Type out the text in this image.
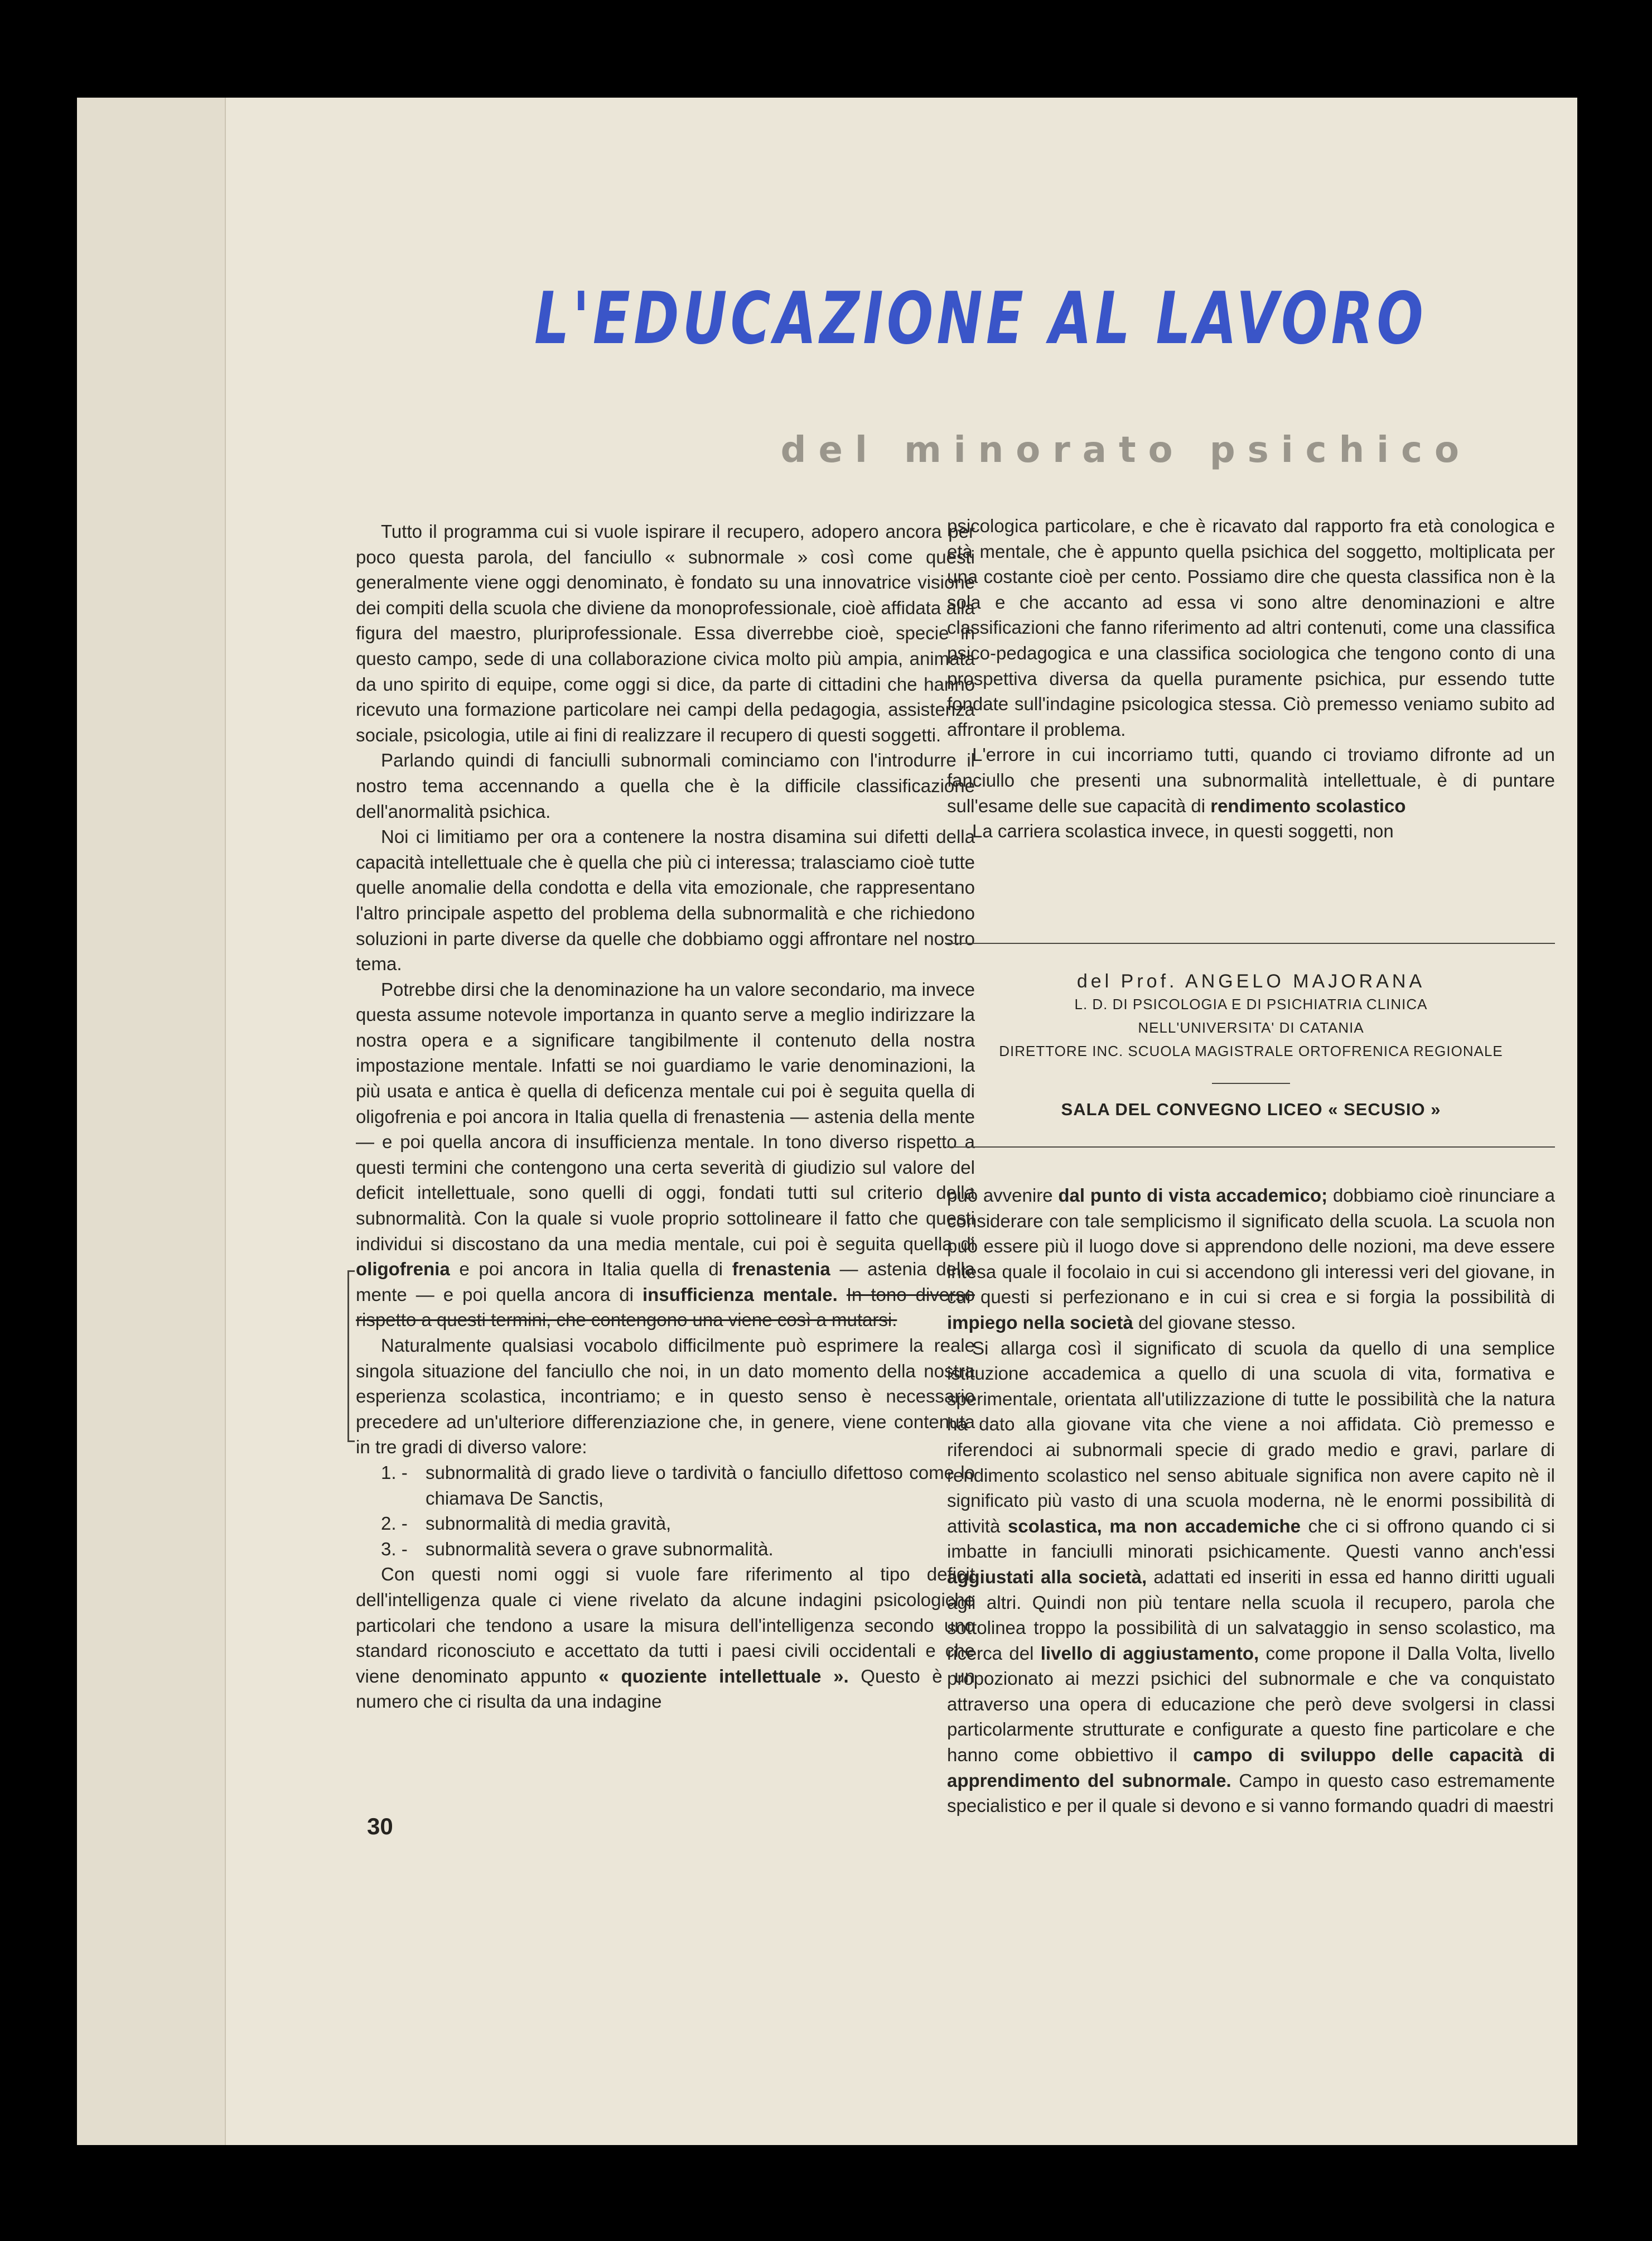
L'EDUCAZIONE AL LAVORO
del minorato psichico

Tutto il programma cui si vuole ispirare il recupero, adopero ancora per poco questa parola, del fanciullo « subnormale » così come questi generalmente viene oggi denominato, è fondato su una innovatrice visione dei compiti della scuola che diviene da monoprofessionale, cioè affidata alla figura del maestro, pluriprofessionale. Essa diverrebbe cioè, specie in questo campo, sede di una collaborazione civica molto più ampia, animata da uno spirito di equipe, come oggi si dice, da parte di cittadini che hanno ricevuto una formazione particolare nei campi della pedagogia, assistenza sociale, psicologia, utile ai fini di realizzare il recupero di questi soggetti.

Parlando quindi di fanciulli subnormali cominciamo con l'introdurre il nostro tema accennando a quella che è la difficile classificazione dell'anormalità psichica.

Noi ci limitiamo per ora a contenere la nostra disamina sui difetti della capacità intellettuale che è quella che più ci interessa; tralasciamo cioè tutte quelle anomalie della condotta e della vita emozionale, che rappresentano l'altro principale aspetto del problema della subnormalità e che richiedono soluzioni in parte diverse da quelle che dobbiamo oggi affrontare nel nostro tema.

Potrebbe dirsi che la denominazione ha un valore secondario, ma invece questa assume notevole importanza in quanto serve a meglio indirizzare la nostra opera e a significare tangibilmente il contenuto della nostra impostazione mentale. Infatti se noi guardiamo le varie denominazioni, la più usata e antica è quella di deficenza mentale cui poi è seguita quella di oligofrenia e poi ancora in Italia quella di frenastenia — astenia della mente — e poi quella ancora di insufficienza mentale. In tono diverso rispetto a questi termini che contengono una certa severità di giudizio sul valore del deficit intellettuale, sono quelli di oggi, fondati tutti sul criterio della subnormalità. Con la quale si vuole proprio sottolineare il fatto che questi individui si discostano da una media mentale, cui poi è seguita quella di oligofrenia e poi ancora in Italia quella di frenastenia — astenia della mente — e poi quella ancora di insufficienza mentale. In tono diverso rispetto a questi termini, che contengono una viene così a mutarsi.

Naturalmente qualsiasi vocabolo difficilmente può esprimere la reale singola situazione del fanciullo che noi, in un dato momento della nostra esperienza scolastica, incontriamo; e in questo senso è necessario precedere ad un'ulteriore differenziazione che, in genere, viene contenuta in tre gradi di diverso valore:

1. - subnormalità di grado lieve o tardività o fanciullo difettoso come lo chiamava De Sanctis,
2. - subnormalità di media gravità,
3. - subnormalità severa o grave subnormalità.

Con questi nomi oggi si vuole fare riferimento al tipo deficit dell'intelligenza quale ci viene rivelato da alcune indagini psicologiche particolari che tendono a usare la misura dell'intelligenza secondo uno standard riconosciuto e accettato da tutti i paesi civili occidentali e che viene denominato appunto « quoziente intellettuale ». Questo è un numero che ci risulta da una indagine

psicologica particolare, e che è ricavato dal rapporto fra età conologica e età mentale, che è appunto quella psichica del soggetto, moltiplicata per una costante cioè per cento. Possiamo dire che questa classifica non è la sola e che accanto ad essa vi sono altre denominazioni e altre classificazioni che fanno riferimento ad altri contenuti, come una classifica psico-pedagogica e una classifica sociologica che tengono conto di una prospettiva diversa da quella puramente psichica, pur essendo tutte fondate sull'indagine psicologica stessa. Ciò premesso veniamo subito ad affrontare il problema.

L'errore in cui incorriamo tutti, quando ci troviamo difronte ad un fanciullo che presenti una subnormalità intellettuale, è di puntare sull'esame delle sue capacità di rendimento scolastico

La carriera scolastica invece, in questi soggetti, non

del Prof. ANGELO MAJORANA
L. D. DI PSICOLOGIA E DI PSICHIATRIA CLINICA
NELL'UNIVERSITA' DI CATANIA
DIRETTORE INC. SCUOLA MAGISTRALE ORTOFRENICA REGIONALE
SALA DEL CONVEGNO LICEO « SECUSIO »

può avvenire dal punto di vista accademico; dobbiamo cioè rinunciare a considerare con tale semplicismo il significato della scuola. La scuola non può essere più il luogo dove si apprendono delle nozioni, ma deve essere intesa quale il focolaio in cui si accendono gli interessi veri del giovane, in cui questi si perfezionano e in cui si crea e si forgia la possibilità di impiego nella società del giovane stesso.

Si allarga così il significato di scuola da quello di una semplice istituzione accademica a quello di una scuola di vita, formativa e sperimentale, orientata all'utilizzazione di tutte le possibilità che la natura ha dato alla giovane vita che viene a noi affidata. Ciò premesso e riferendoci ai subnormali specie di grado medio e gravi, parlare di rendimento scolastico nel senso abituale significa non avere capito nè il significato più vasto di una scuola moderna, nè le enormi possibilità di attività scolastica, ma non accademiche che ci si offrono quando ci si imbatte in fanciulli minorati psichicamente. Questi vanno anch'essi aggiustati alla società, adattati ed inseriti in essa ed hanno diritti uguali agli altri. Quindi non più tentare nella scuola il recupero, parola che sottolinea troppo la possibilità di un salvataggio in senso scolastico, ma ricerca del livello di aggiustamento, come propone il Dalla Volta, livello propozionato ai mezzi psichici del subnormale e che va conquistato attraverso una opera di educazione che però deve svolgersi in classi particolarmente strutturate e configurate a questo fine particolare e che hanno come obbiettivo il campo di sviluppo delle capacità di apprendimento del subnormale. Campo in questo caso estremamente specialistico e per il quale si devono e si vanno formando quadri di maestri

30
